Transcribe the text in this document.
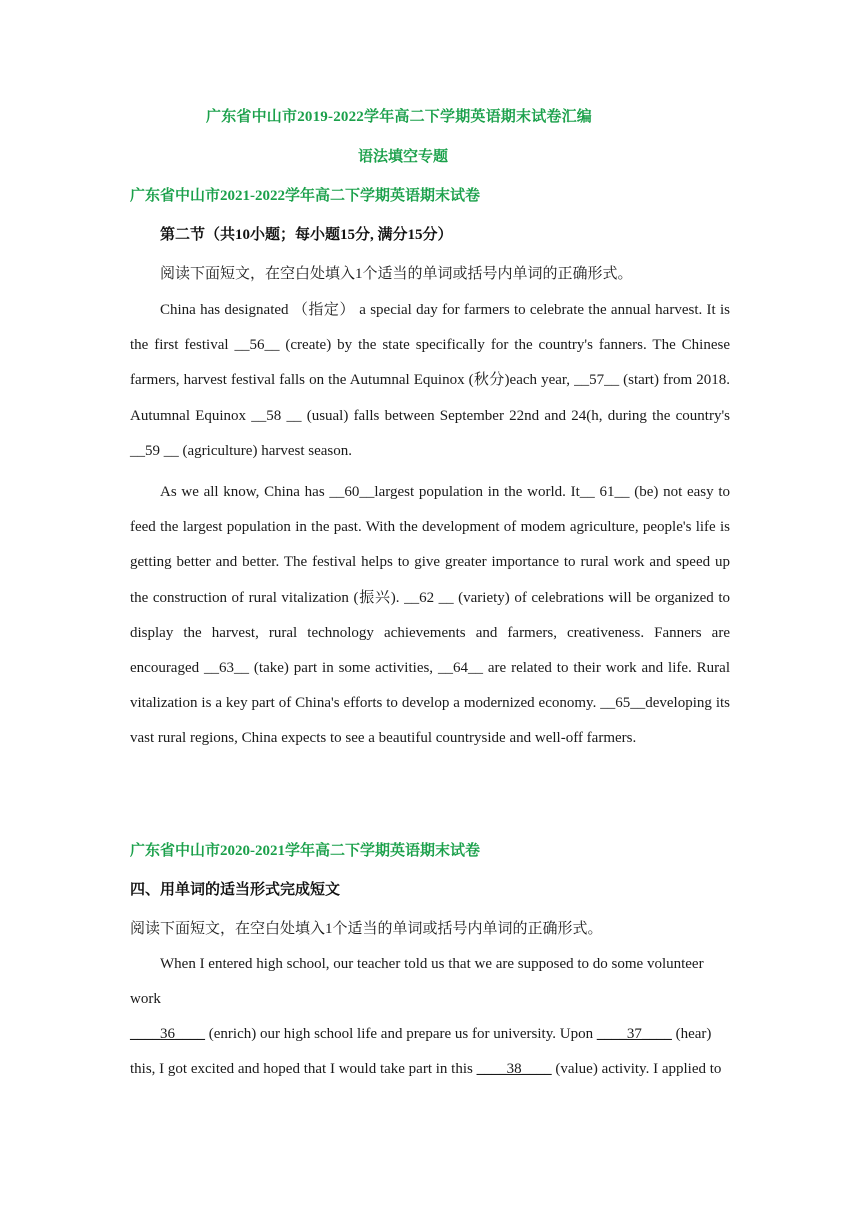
广东省中山市2019-2022学年高二下学期英语期末试卷汇编
语法填空专题
广东省中山市2021-2022学年高二下学期英语期末试卷
第二节（共10小题；每小题15分, 满分15分）
阅读下面短文，在空白处填入1个适当的单词或括号内单词的正确形式。

China has designated （指定） a special day for farmers to celebrate the annual harvest. It is the first festival __56__ (create) by the state specifically for the country's fanners. The Chinese farmers, harvest festival falls on the Autumnal Equinox (秋分)each year, __57__ (start) from 2018. Autumnal Equinox __58 __ (usual) falls between September 22nd and 24(h, during the country's __59 __ (agriculture) harvest season.

As we all know, China has __60__largest population in the world. It__ 61__ (be) not easy to feed the largest population in the past. With the development of modem agriculture, people's life is getting better and better. The festival helps to give greater importance to rural work and speed up the construction of rural vitalization (振兴). __62 __ (variety) of celebrations will be organized to display the harvest, rural technology achievements and farmers, creativeness. Fanners are encouraged __63__ (take) part in some activities, __64__ are related to their work and life. Rural vitalization is a key part of China's efforts to develop a modernized economy. __65__developing its vast rural regions, China expects to see a beautiful countryside and well-off farmers.

广东省中山市2020-2021学年高二下学期英语期末试卷
四、用单词的适当形式完成短文
阅读下面短文，在空白处填入1个适当的单词或括号内单词的正确形式。
When I entered high school, our teacher told us that we are supposed to do some volunteer
work
____36____ (enrich) our high school life and prepare us for university. Upon ____37____ (hear)
this, I got excited and hoped that I would take part in this ____38____ (value) activity. I applied to
